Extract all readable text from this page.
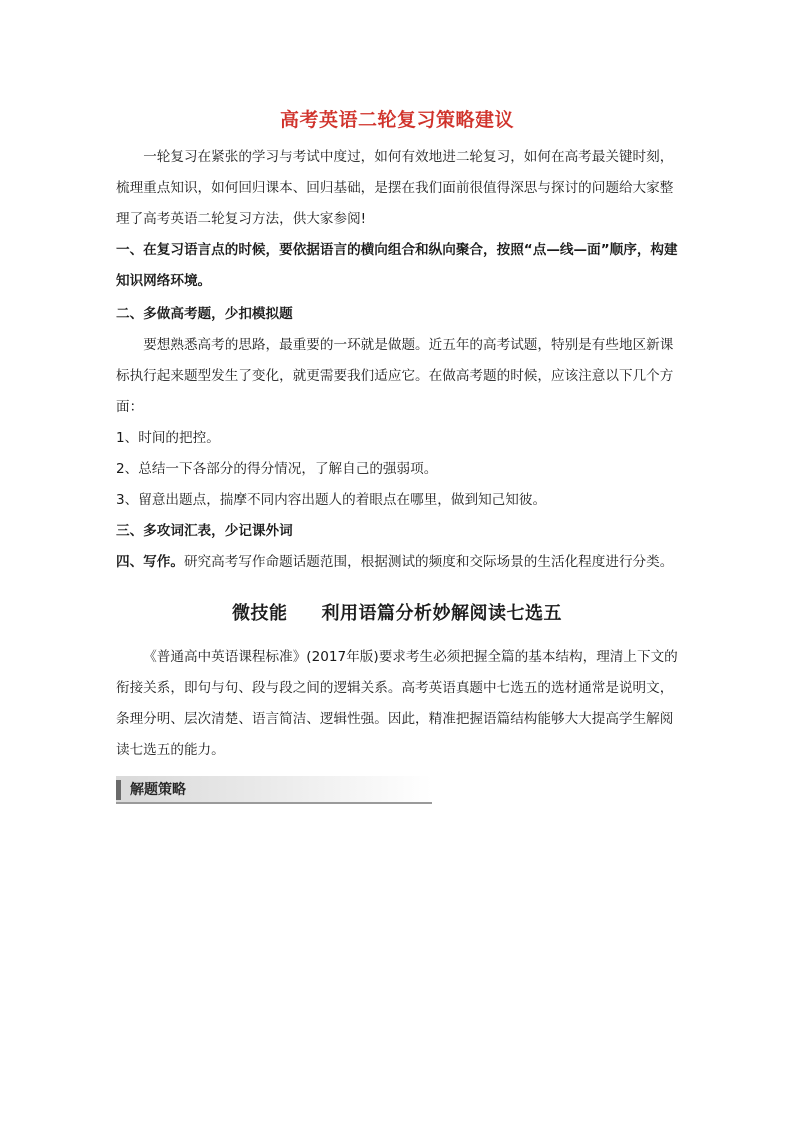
高考英语二轮复习策略建议

一轮复习在紧张的学习与考试中度过，如何有效地进二轮复习，如何在高考最关键时刻，梳理重点知识，如何回归课本、回归基础，是摆在我们面前很值得深思与探讨的问题给大家整理了高考英语二轮复习方法，供大家参阅!

一、在复习语言点的时候，要依据语言的横向组合和纵向聚合，按照“点—线—面”顺序，构建知识网络环境。

二、多做高考题，少扣模拟题

要想熟悉高考的思路，最重要的一环就是做题。近五年的高考试题，特别是有些地区新课标执行起来题型发生了变化，就更需要我们适应它。在做高考题的时候，应该注意以下几个方面：

1、时间的把控。

2、总结一下各部分的得分情况，了解自己的强弱项。

3、留意出题点，揣摩不同内容出题人的着眼点在哪里，做到知己知彼。

三、多攻词汇表，少记课外词

四、写作。研究高考写作命题话题范围，根据测试的频度和交际场景的生活化程度进行分类。

微技能 利用语篇分析妙解阅读七选五

《普通高中英语课程标准》(2017年版)要求考生必须把握全篇的基本结构，理清上下文的衔接关系，即句与句、段与段之间的逻辑关系。高考英语真题中七选五的选材通常是说明文，条理分明、层次清楚、语言简洁、逻辑性强。因此，精准把握语篇结构能够大大提高学生解阅读七选五的能力。

解题策略
